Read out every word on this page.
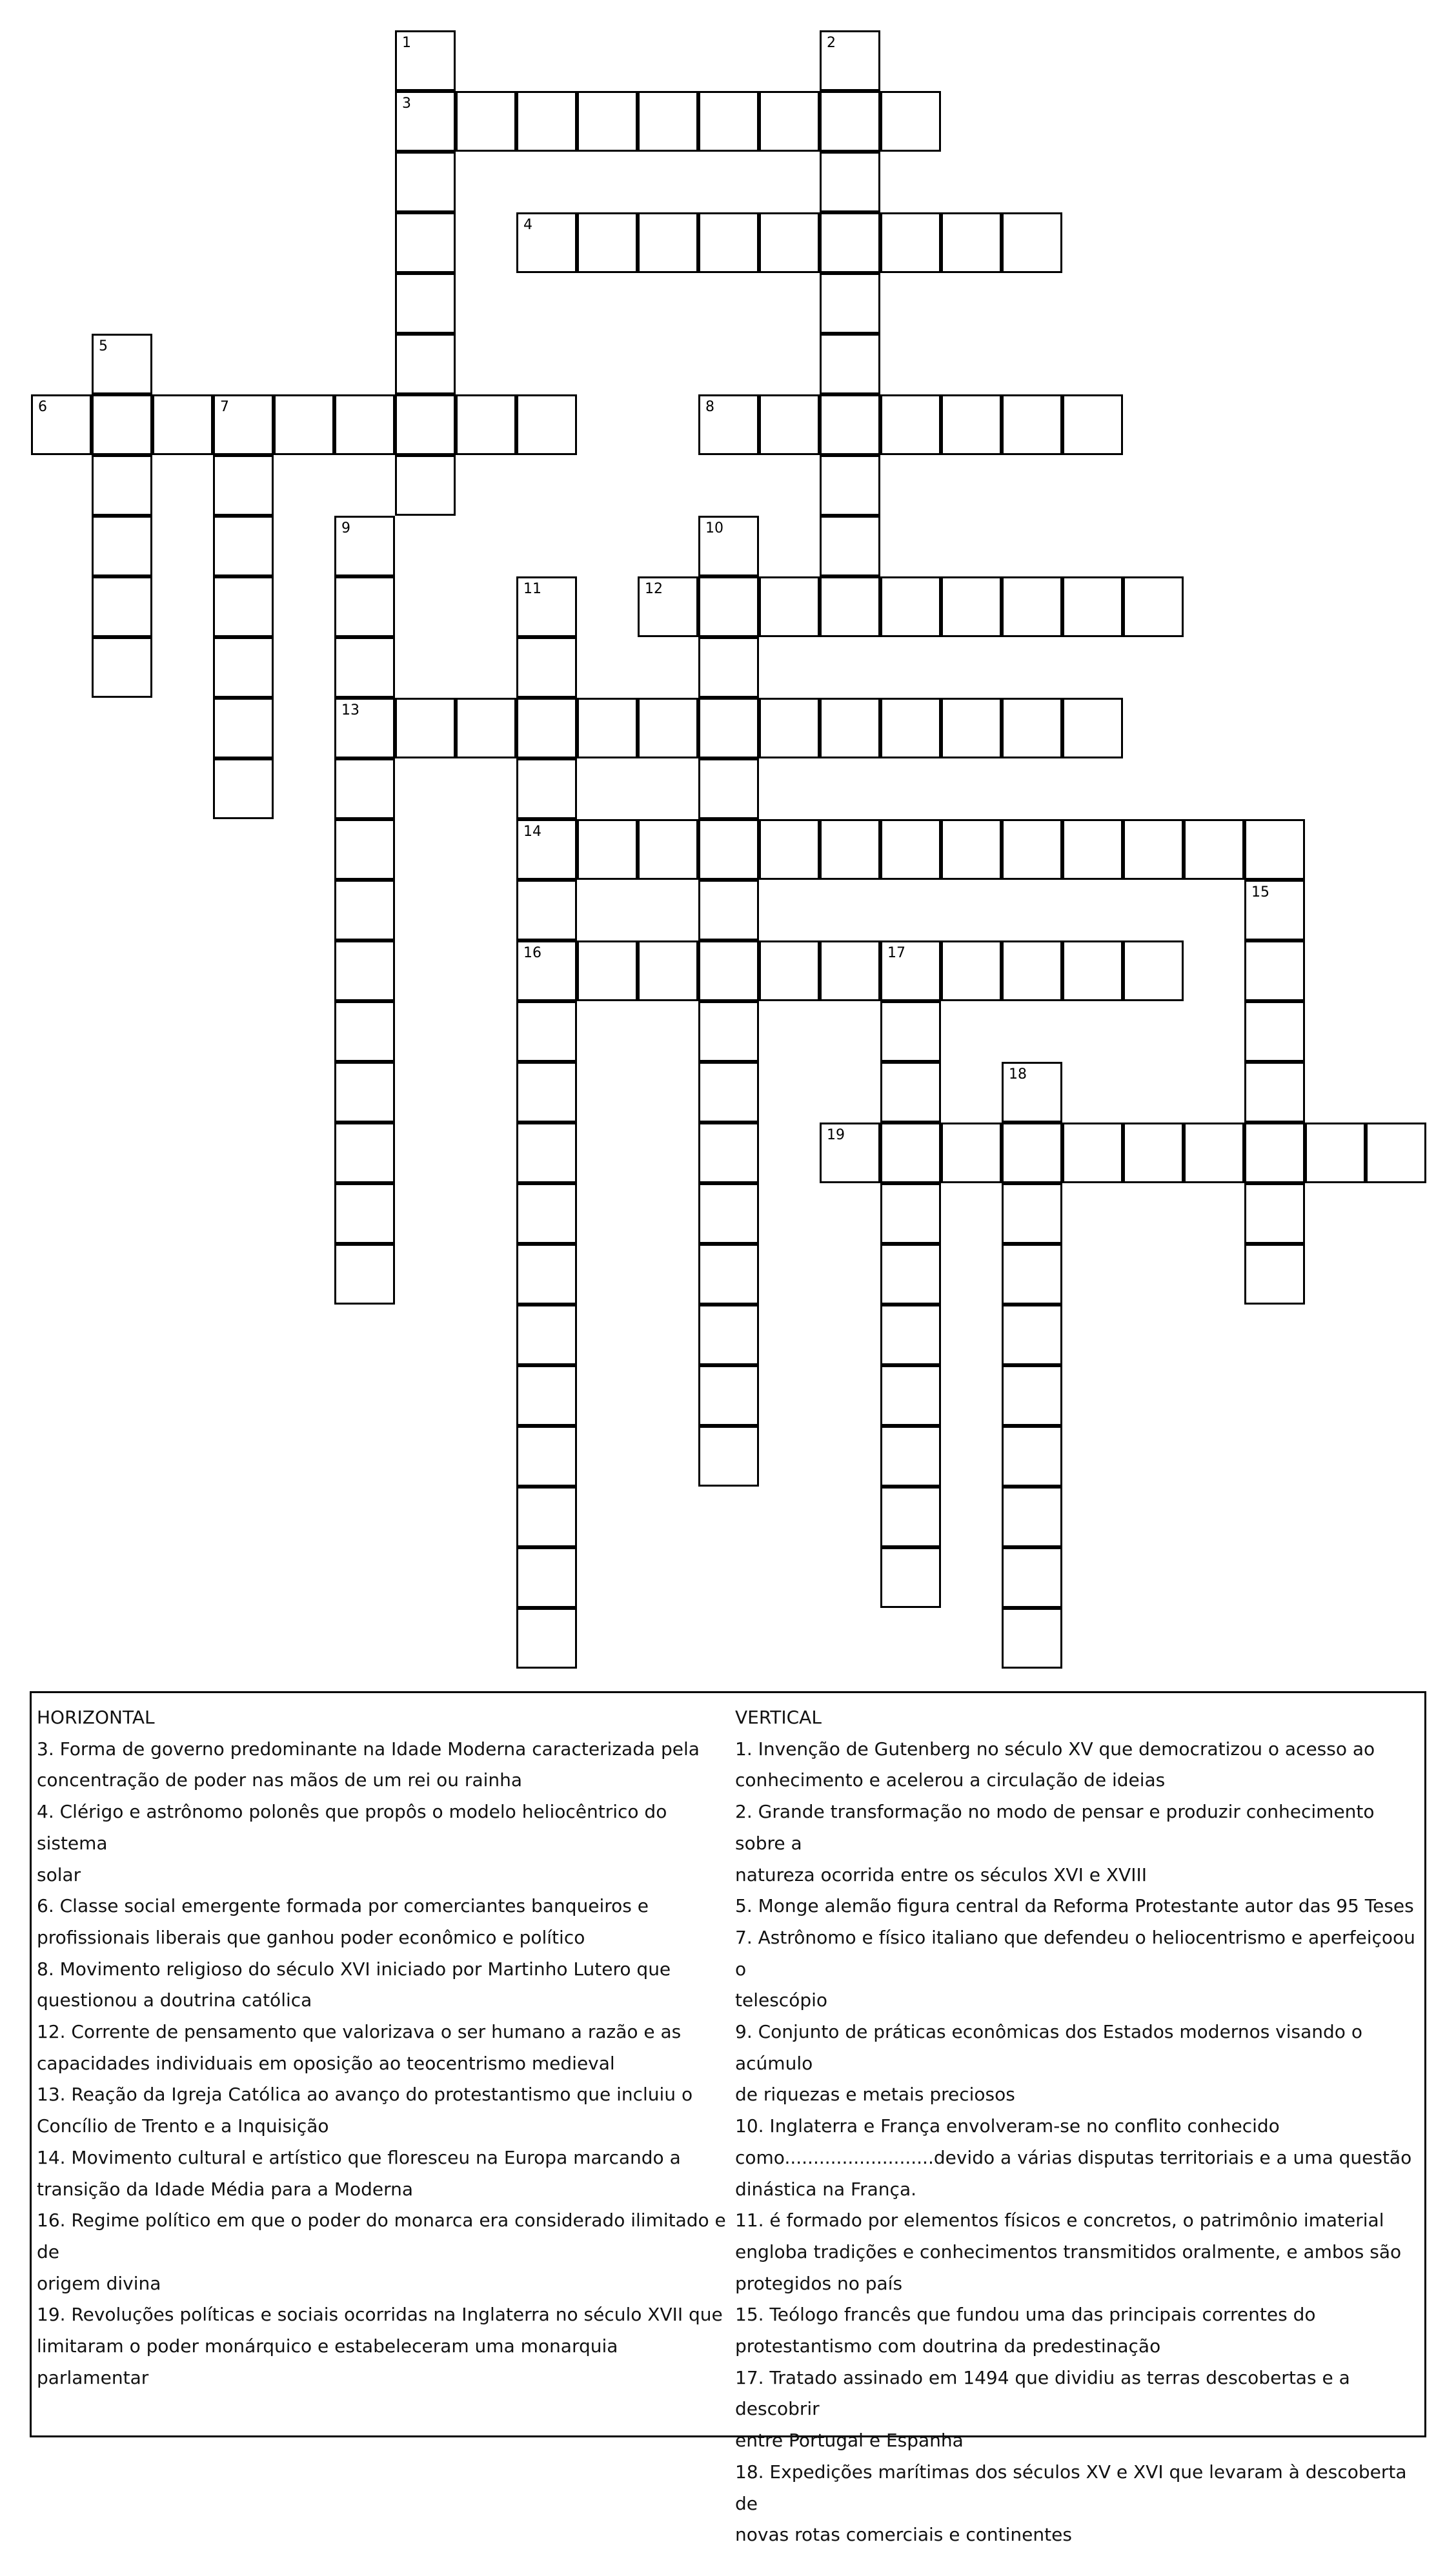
1
3
2
4
5
6	7	8
9
13
10
11
14
16
12
15
17
18
19

HORIZONTAL

3. Forma de governo predominante na Idade Moderna caracterizada pela

concentração de poder nas mãos de um rei ou rainha

4. Clérigo e astrônomo polonês que propôs o modelo heliocêntrico do sistema

solar

6. Classe social emergente formada por comerciantes banqueiros e

profissionais liberais que ganhou poder econômico e político

8. Movimento religioso do século XVI iniciado por Martinho Lutero que

questionou a doutrina católica

12. Corrente de pensamento que valorizava o ser humano a razão e as

capacidades individuais em oposição ao teocentrismo medieval

13. Reação da Igreja Católica ao avanço do protestantismo que incluiu o

Concílio de Trento e a Inquisição

14. Movimento cultural e artístico que floresceu na Europa marcando a

transição da Idade Média para a Moderna

16. Regime político em que o poder do monarca era considerado ilimitado e de

origem divina

19. Revoluções políticas e sociais ocorridas na Inglaterra no século XVII que

limitaram o poder monárquico e estabeleceram uma monarquia parlamentar

VERTICAL

1. Invenção de Gutenberg no século XV que democratizou o acesso ao

conhecimento e acelerou a circulação de ideias

2. Grande transformação no modo de pensar e produzir conhecimento sobre a

natureza ocorrida entre os séculos XVI e XVIII

5. Monge alemão figura central da Reforma Protestante autor das 95 Teses

7. Astrônomo e físico italiano que defendeu o heliocentrismo e aperfeiçoou o

telescópio

9. Conjunto de práticas econômicas dos Estados modernos visando o acúmulo

de riquezas e metais preciosos

10. Inglaterra e França envolveram-se no conflito conhecido

como..........................devido a várias disputas territoriais e a uma questão

dinástica na França.

11. é formado por elementos físicos e concretos, o patrimônio imaterial

engloba tradições e conhecimentos transmitidos oralmente, e ambos são

protegidos no país

15. Teólogo francês que fundou uma das principais correntes do

protestantismo com doutrina da predestinação

17. Tratado assinado em 1494 que dividiu as terras descobertas e a descobrir

entre Portugal e Espanha

18. Expedições marítimas dos séculos XV e XVI que levaram à descoberta de

novas rotas comerciais e continentes
